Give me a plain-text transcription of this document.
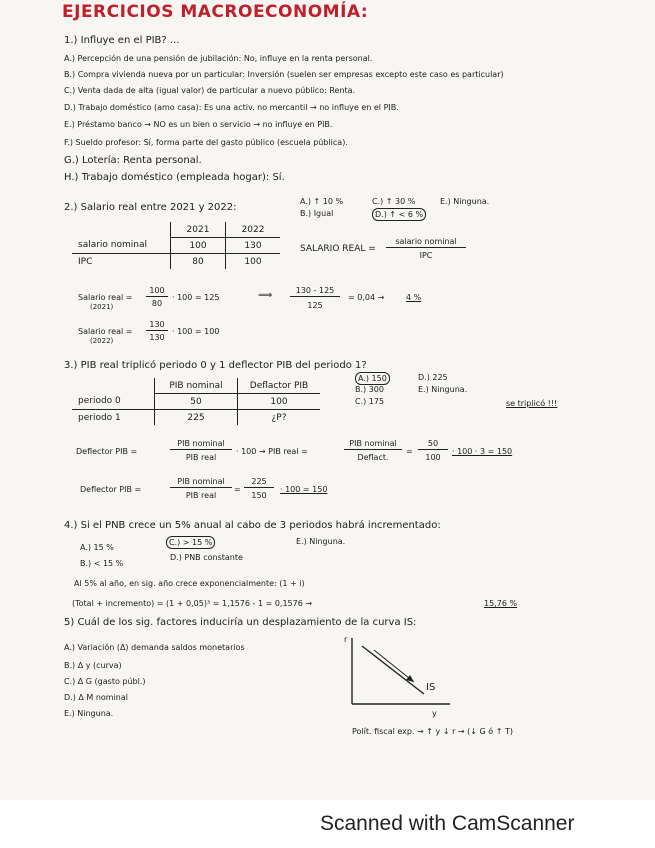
EJERCICIOS MACROECONOMÍA:
1.) Influye en el PIB? ...
A.) Percepción de una pensión de jubilación: No, influye en la renta personal.
B.) Compra vivienda nueva por un particular: Inversión (suelen ser empresas excepto este caso es particular)
C.) Venta dada de alta (igual valor) de particular a nuevo público: Renta.
D.) Trabajo doméstico (amo casa): Es una activ. no mercantil → no influye en el PIB.
E.) Préstamo banco → NO es un bien o servicio → no influye en PIB.
F.) Sueldo profesor: Sí, forma parte del gasto público (escuela pública).
G.) Lotería: Renta personal.
H.) Trabajo doméstico (empleada hogar): Sí.
2.) Salario real entre 2021 y 2022:
A.) ↑ 10 %
B.) Igual
C.) ↑ 30 %
D.) ↑ < 6 %
E.) Ninguna.
	2021	2022
salario nominal	100	130
IPC	80	100
SALARIO REAL =
salario nominal
IPC
Salario real =
(2021)
100
80
· 100 = 125	⟹	130 - 125
125
= 0,04 →	4 %
Salario real =
(2022)
130
130
· 100 = 100
3.) PIB real triplicó periodo 0 y 1 deflector PIB del periodo 1?
A.) 150
B.) 300
C.) 175
D.) 225
E.) Ninguna.
	PIB nominal	Deflactor PIB
periodo 0	50	100
periodo 1	225	¿P?
se triplicó !!!
Deflector PIB =
PIB nominal
PIB real
· 100 → PIB real =
PIB nominal
Deflact.
=
50
100
· 100 · 3 = 150
Deflector PIB =
PIB nominal
PIB real
=
225
150
· 100 = 150
4.) Si el PNB crece un 5% anual al cabo de 3 periodos habrá incrementado:
A.) 15 %
B.) < 15 %
C.) > 15 %
D.) PNB constante
E.) Ninguna.
Al 5% al año, en sig. año crece exponencialmente: (1 + i)
(Total + incremento) = (1 + 0,05)³ = 1,1576 - 1 = 0,1576 →	15,76 %
5) Cuál de los sig. factores induciría un desplazamiento de la curva IS:
A.) Variación (Δ) demanda saldos monetarios
B.) Δ y (curva)
C.) Δ G (gasto públ.)
D.) Δ M nominal
E.) Ninguna.
r
IS
y
Polít. fiscal exp. → ↑ y ↓ r → (↓ G ó ↑ T)
Scanned with CamScanner
